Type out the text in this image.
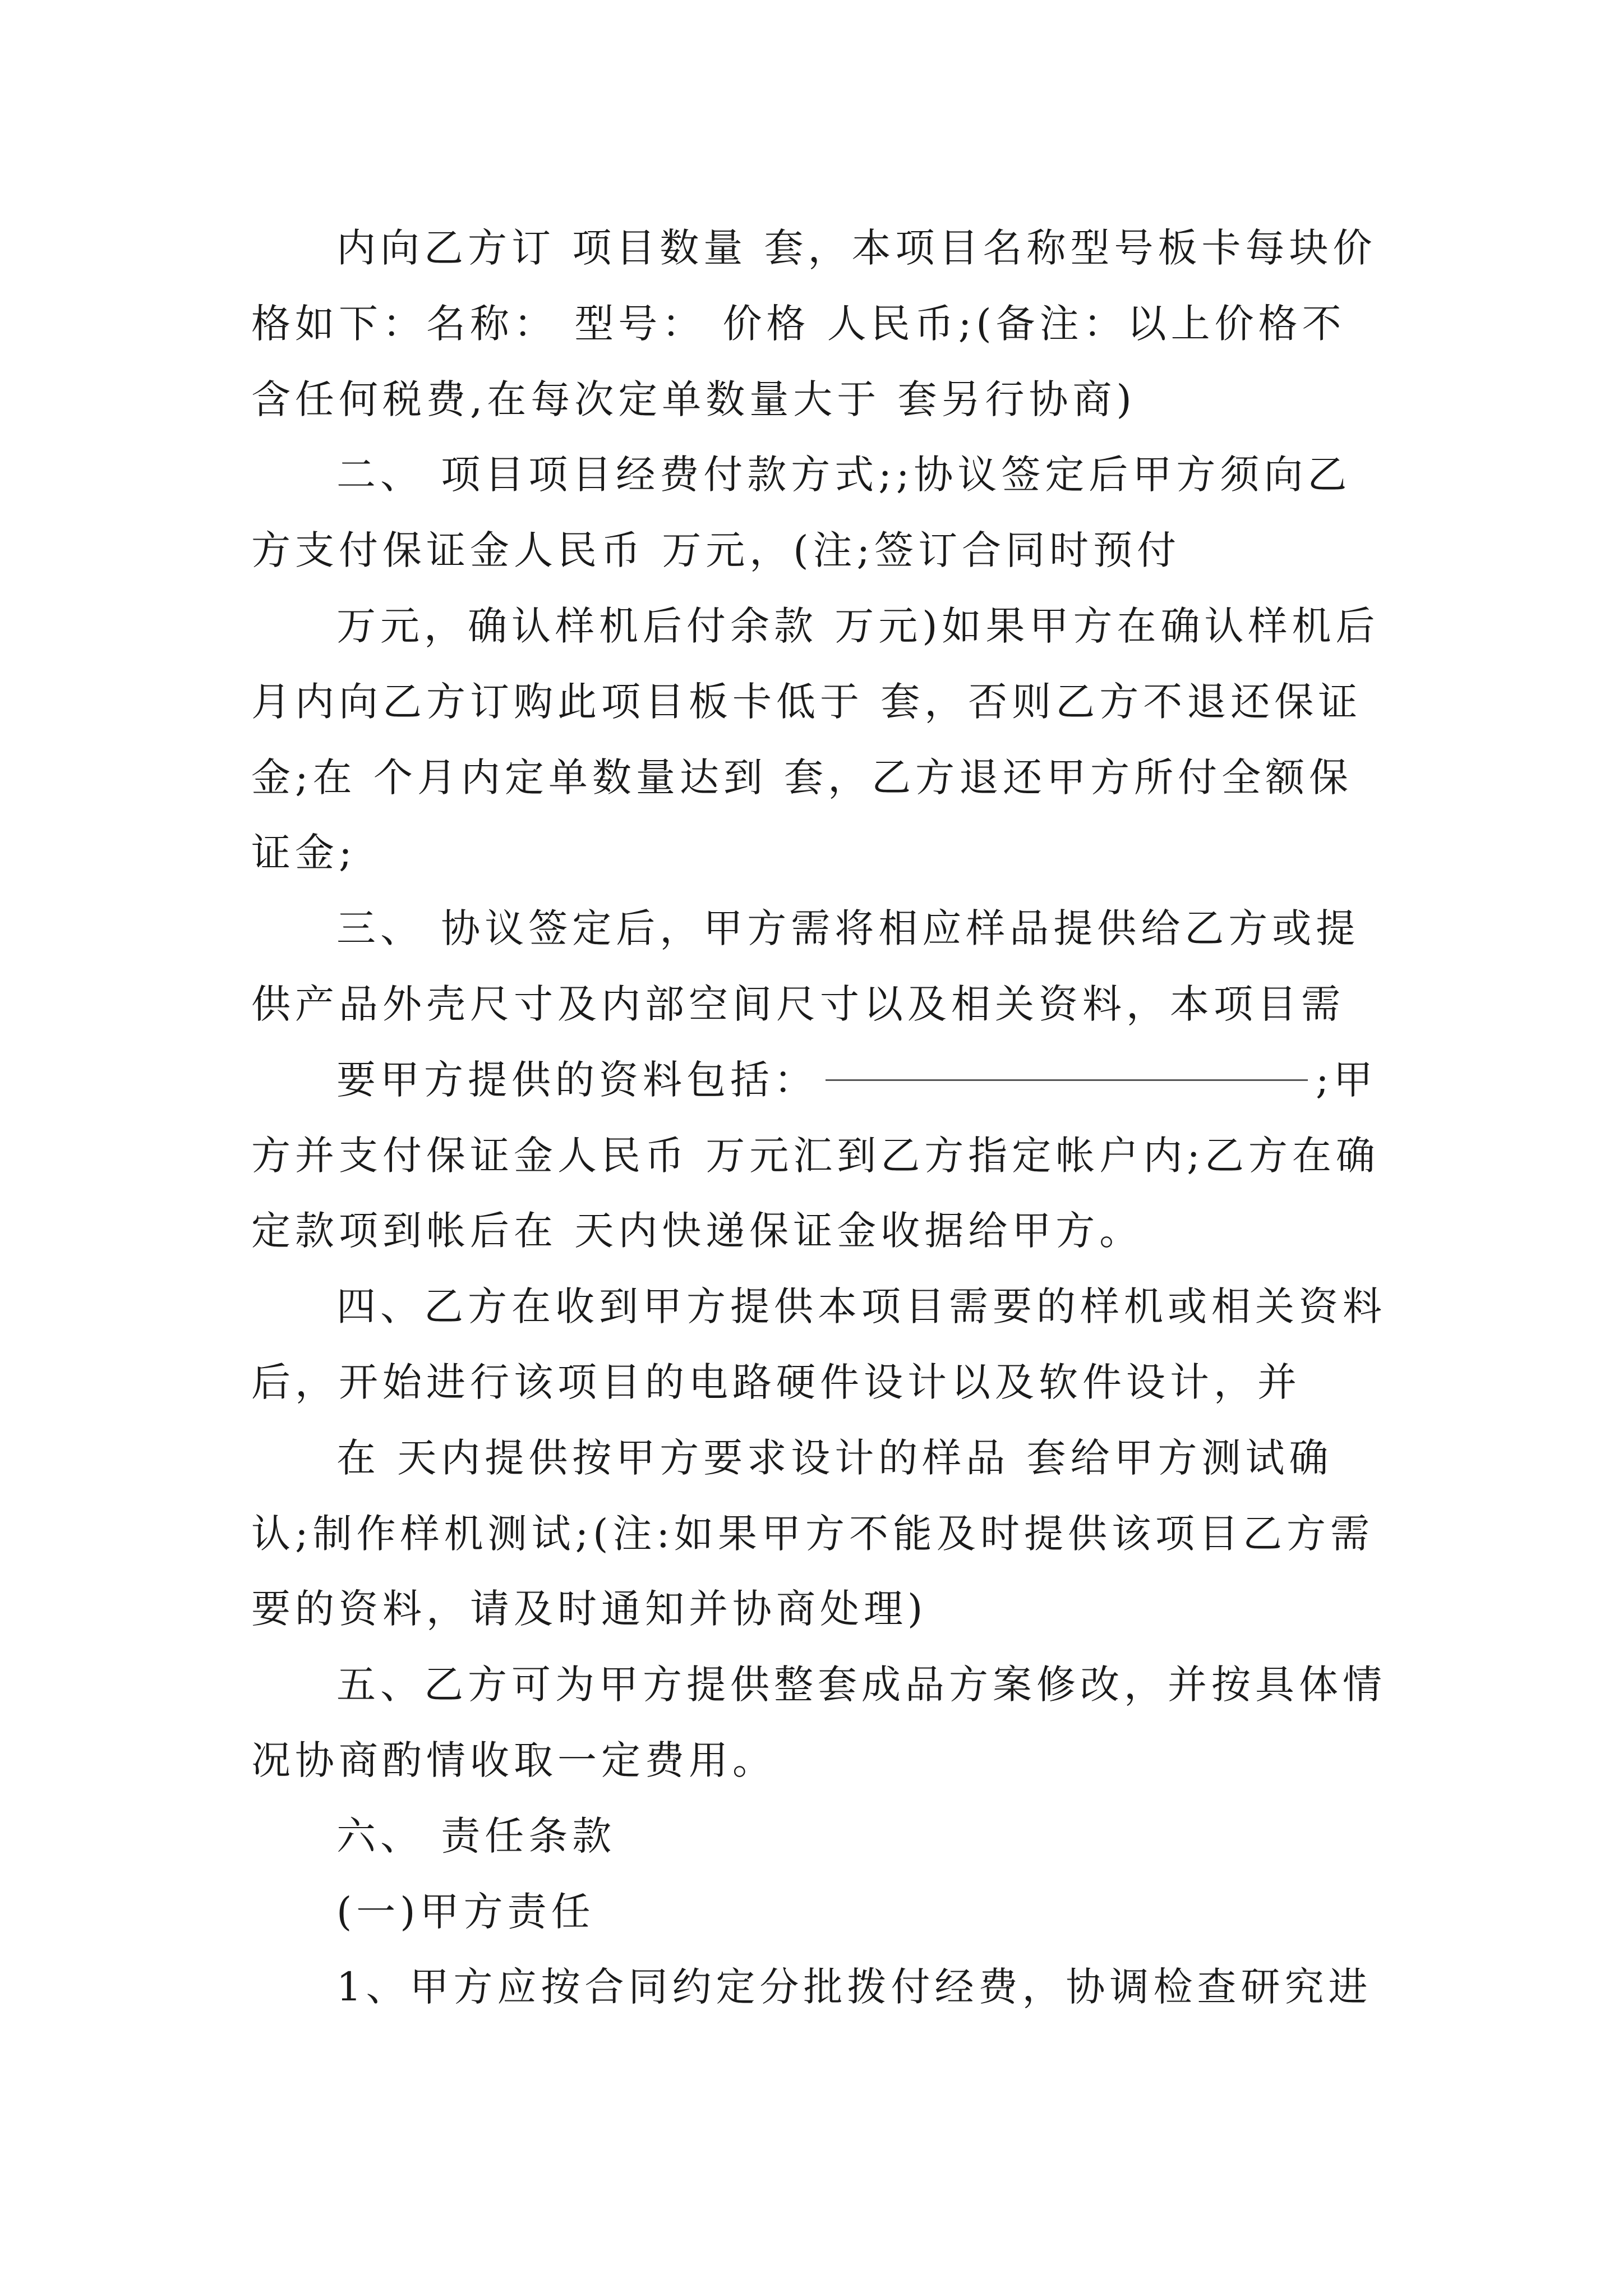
内向乙方订 项目数量 套，本项目名称型号板卡每块价
格如下：名称： 型号： 价格 人民币;(备注：以上价格不
含任何税费,在每次定单数量大于 套另行协商)
二、 项目项目经费付款方式;;协议签定后甲方须向乙
方支付保证金人民币 万元，(注;签订合同时预付
万元，确认样机后付余款 万元)如果甲方在确认样机后
月内向乙方订购此项目板卡低于 套，否则乙方不退还保证
金;在 个月内定单数量达到 套，乙方退还甲方所付全额保
证金;
三、 协议签定后，甲方需将相应样品提供给乙方或提
供产品外壳尺寸及内部空间尺寸以及相关资料，本项目需
要甲方提供的资料包括：	;甲
方并支付保证金人民币 万元汇到乙方指定帐户内;乙方在确
定款项到帐后在 天内快递保证金收据给甲方。
四、乙方在收到甲方提供本项目需要的样机或相关资料
后，开始进行该项目的电路硬件设计以及软件设计，并
在 天内提供按甲方要求设计的样品 套给甲方测试确
认;制作样机测试;(注:如果甲方不能及时提供该项目乙方需
要的资料，请及时通知并协商处理)
五、乙方可为甲方提供整套成品方案修改，并按具体情
况协商酌情收取一定费用。
六、 责任条款
(一)甲方责任
1、甲方应按合同约定分批拨付经费，协调检查研究进
